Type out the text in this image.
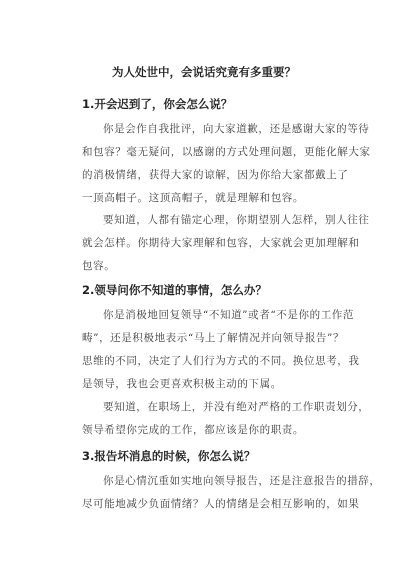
为人处世中，会说话究竟有多重要？
1.开会迟到了，你会怎么说？
你是会作自我批评，向大家道歉，还是感谢大家的等待
和包容？毫无疑问，以感谢的方式处理问题，更能化解大家
的消极情绪，获得大家的谅解，因为你给大家都戴上了
一顶高帽子。这顶高帽子，就是理解和包容。
要知道，人都有锚定心理，你期望别人怎样，别人往往
就会怎样。你期待大家理解和包容，大家就会更加理解和
包容。
2.领导问你不知道的事情，怎么办？
你是消极地回复领导“不知道”或者“不是你的工作范
畴”，还是积极地表示“马上了解情况并向领导报告”？
思维的不同，决定了人们行为方式的不同。换位思考，我
是领导，我也会更喜欢积极主动的下属。
要知道，在职场上，并没有绝对严格的工作职责划分，
领导希望你完成的工作，都应该是你的职责。
3.报告坏消息的时候，你怎么说？
你是心情沉重如实地向领导报告，还是注意报告的措辞，
尽可能地减少负面情绪？人的情绪是会相互影响的，如果
